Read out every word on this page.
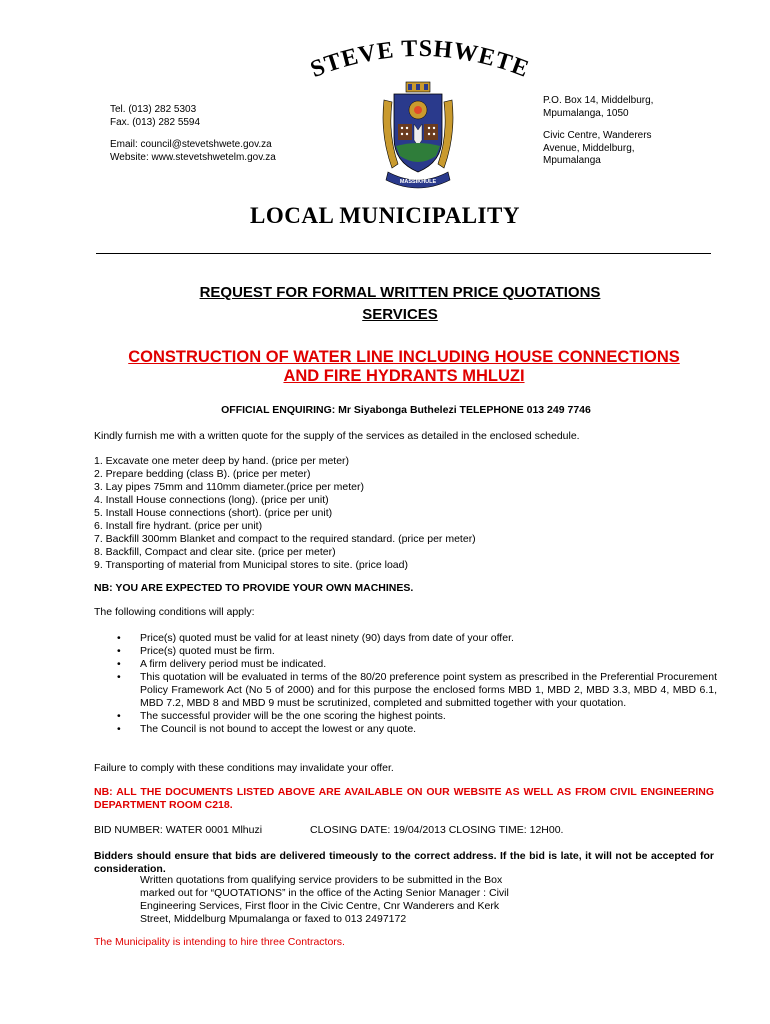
STEVE TSHWETE
MASSIKHULE

Tel. (013) 282 5303

Fax. (013) 282 5594

Email: council@stevetshwete.gov.za

Website: www.stevetshwetelm.gov.za

P.O. Box 14, Middelburg,

Mpumalanga, 1050

Civic Centre, Wanderers

Avenue, Middelburg,

Mpumalanga

LOCAL MUNICIPALITY
REQUEST FOR FORMAL WRITTEN PRICE QUOTATIONS
SERVICES
CONSTRUCTION OF WATER LINE INCLUDING HOUSE CONNECTIONS
AND FIRE HYDRANTS MHLUZI
OFFICIAL ENQUIRING: Mr Siyabonga Buthelezi TELEPHONE 013 249 7746
Kindly furnish me with a written quote for the supply of the services as detailed in the enclosed schedule.
1. Excavate one meter deep by hand. (price per meter)
2. Prepare bedding (class B). (price per meter)
3. Lay pipes 75mm and 110mm diameter.(price per meter)
4. Install House connections (long). (price per unit)
5. Install House connections (short). (price per unit)
6. Install fire hydrant. (price per unit)
7. Backfill 300mm Blanket and compact to the required standard. (price per meter)
8. Backfill, Compact and clear site. (price per meter)
9. Transporting of material from Municipal stores to site. (price load)
NB: YOU ARE EXPECTED TO PROVIDE YOUR OWN MACHINES.
The following conditions will apply:
• Price(s) quoted must be valid for at least ninety (90) days from date of your offer.
• Price(s) quoted must be firm.
• A firm delivery period must be indicated.
• This quotation will be evaluated in terms of the 80/20 preference point system as prescribed in the Preferential Procurement Policy Framework Act (No 5 of 2000) and for this purpose the enclosed forms MBD 1, MBD 2, MBD 3.3, MBD 4, MBD 6.1, MBD 7.2, MBD 8 and MBD 9 must be scrutinized, completed and submitted together with your quotation.
• The successful provider will be the one scoring the highest points.
• The Council is not bound to accept the lowest or any quote.
Failure to comply with these conditions may invalidate your offer.
NB: ALL THE DOCUMENTS LISTED ABOVE ARE AVAILABLE ON OUR WEBSITE AS WELL AS FROM CIVIL ENGINEERING DEPARTMENT ROOM C218.
BID NUMBER: WATER 0001 Mlhuzi	CLOSING DATE: 19/04/2013 CLOSING TIME: 12H00.
Bidders should ensure that bids are delivered timeously to the correct address. If the bid is late, it will not be accepted for consideration.
Written quotations from qualifying service providers to be submitted in the Box
marked out for “QUOTATIONS” in the office of the Acting Senior Manager : Civil
Engineering Services, First floor in the Civic Centre, Cnr Wanderers and Kerk
Street, Middelburg Mpumalanga or faxed to 013 2497172
The Municipality is intending to hire three Contractors.
